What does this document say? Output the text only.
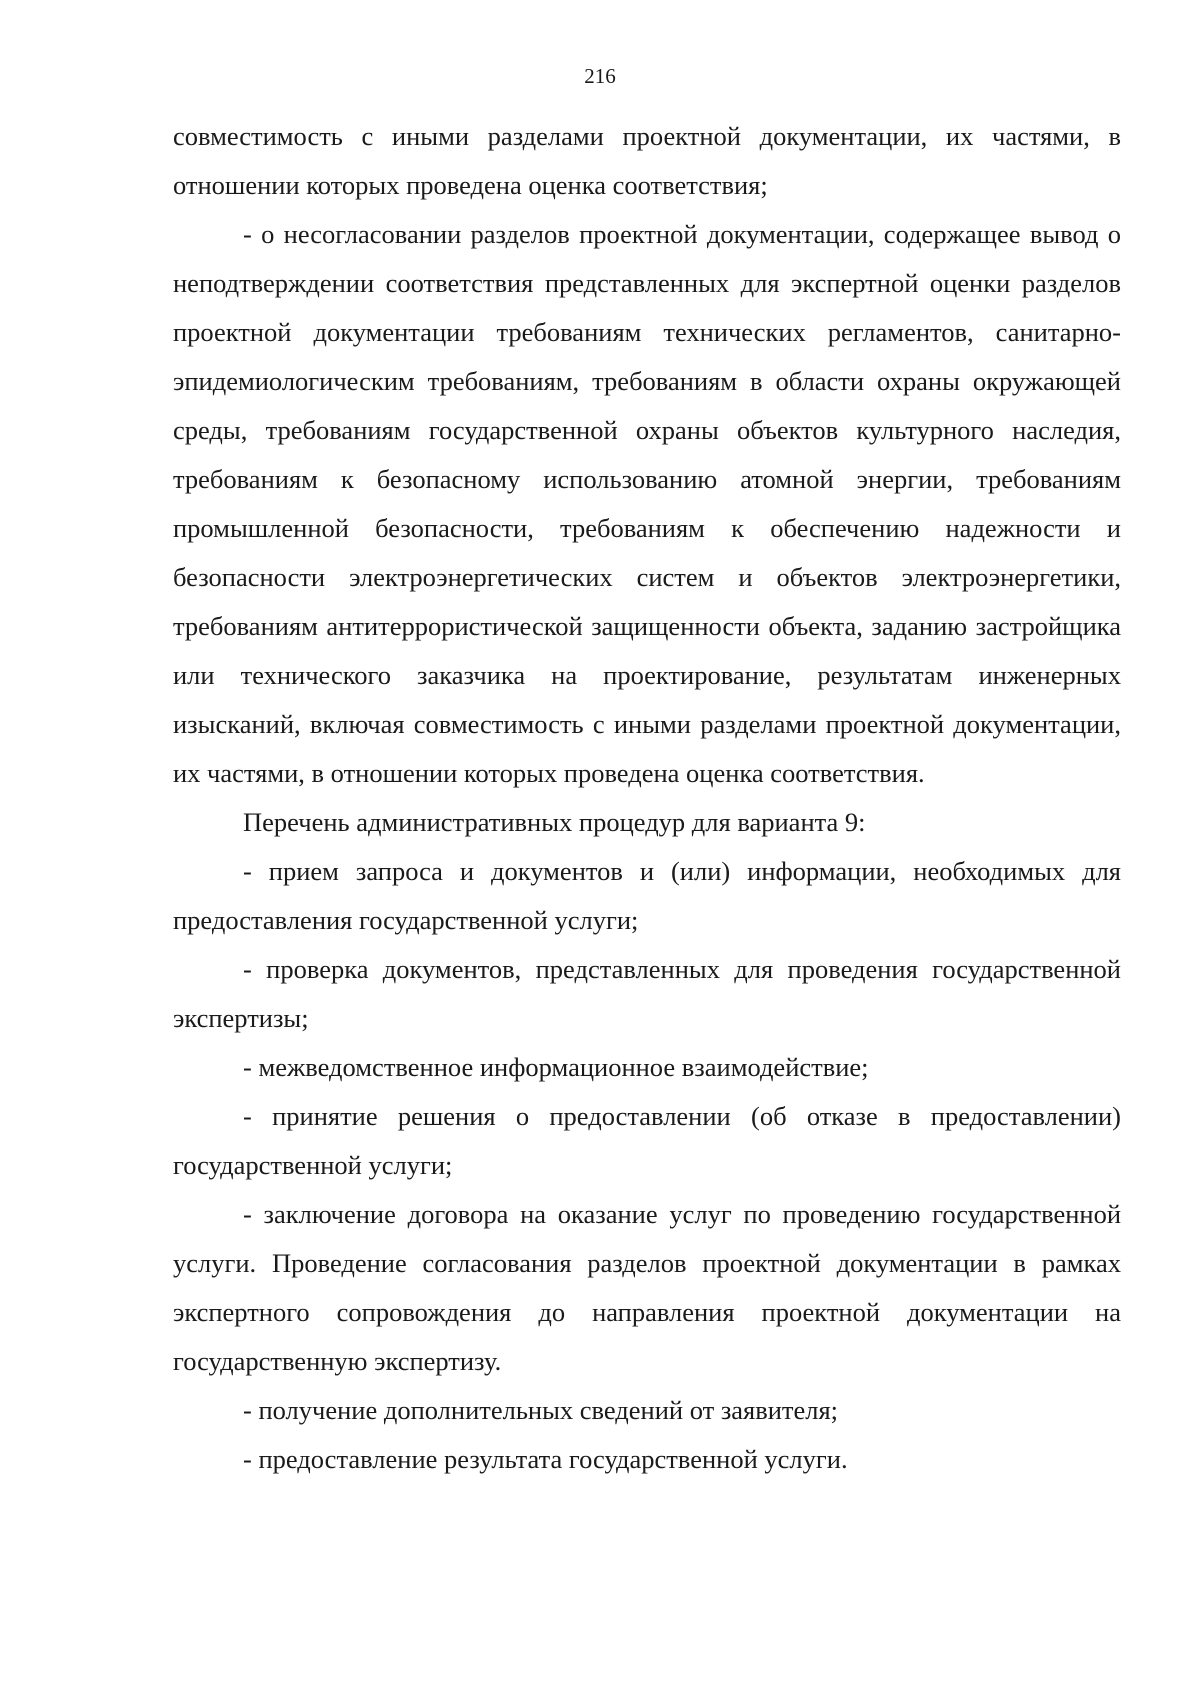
216

совместимость с иными разделами проектной документации, их частями, в отношении которых проведена оценка соответствия;

- о несогласовании разделов проектной документации, содержащее вывод о неподтверждении соответствия представленных для экспертной оценки разделов проектной документации требованиям технических регламентов, санитарно-эпидемиологическим требованиям, требованиям в области охраны окружающей среды, требованиям государственной охраны объектов культурного наследия, требованиям к безопасному использованию атомной энергии, требованиям промышленной безопасности, требованиям к обеспечению надежности и безопасности электроэнергетических систем и объектов электроэнергетики, требованиям антитеррористической защищенности объекта, заданию застройщика или технического заказчика на проектирование, результатам инженерных изысканий, включая совместимость с иными разделами проектной документации, их частями, в отношении которых проведена оценка соответствия.

Перечень административных процедур для варианта 9:

- прием запроса и документов и (или) информации, необходимых для предоставления государственной услуги;

- проверка документов, представленных для проведения государственной экспертизы;

- межведомственное информационное взаимодействие;

- принятие решения о предоставлении (об отказе в предоставлении) государственной услуги;

- заключение договора на оказание услуг по проведению государственной услуги. Проведение согласования разделов проектной документации в рамках экспертного сопровождения до направления проектной документации на государственную экспертизу.

- получение дополнительных сведений от заявителя;

- предоставление результата государственной услуги.
